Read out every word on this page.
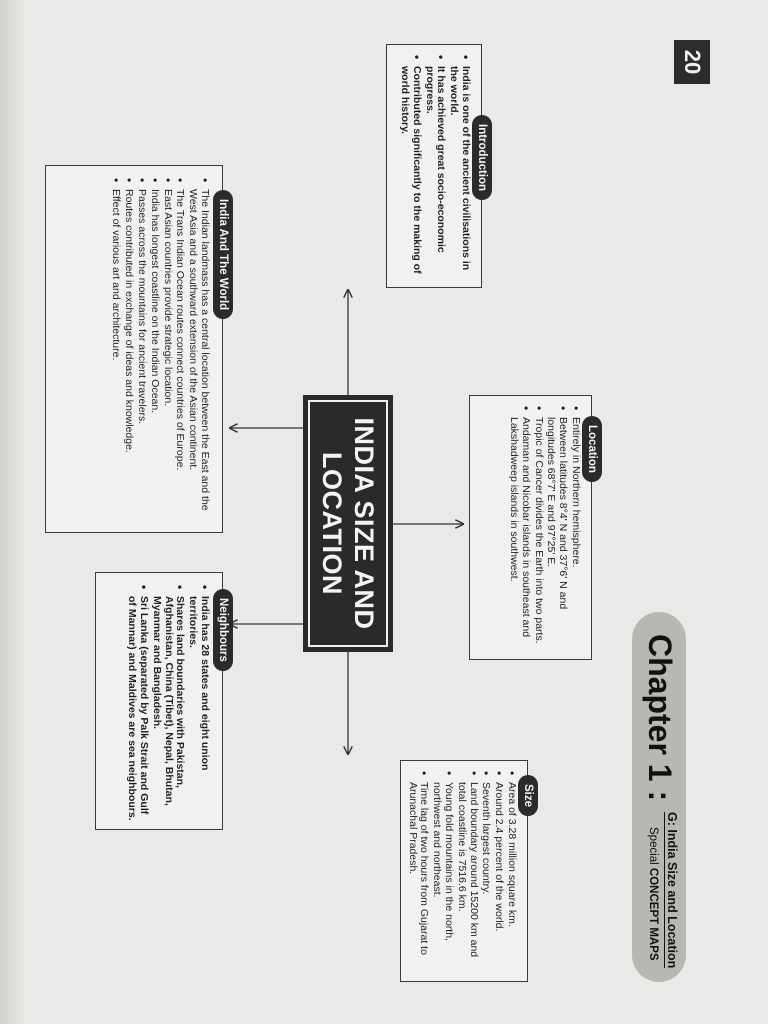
20
Chapter 1 :
G: India Size and Location
Special CONCEPT MAPS
INDIA SIZE AND
LOCATION
Introduction
• India is one of the ancient civilisations in the world.
• It has achieved great socio-economic progress.
• Contributed significantly to the making of world history.
Location
• Entirely in Northern hemisphere.
• Between latitudes 8°4' N and 37°6' N and longitudes 68°7' E and 97°25' E.
• Tropic of Cancer divides the Earth into two parts.
• Andaman and Nicobar islands in southeast and Lakshadweep islands in southwest.
Size
• Area of 3.28 million square km.
• Around 2.4 percent of the world.
• Seventh largest country.
• Land boundary around 15200 km and total coastline is 7516.6 km.
• Young fold mountains in the north, northwest and northeast.
• Time lag of two hours from Gujarat to Arunachal Pradesh.
India And The World
• The Indian landmass has a central location between the East and the West Asia and a southward extension of the Asian continent.
• The Trans Indian Ocean routes connect countries of Europe.
• East Asian countries provide strategic location.
• India has longest coastline on the Indian Ocean.
• Passes across the mountains for ancient travelers.
• Routes contributed in exchange of ideas and knowledge.
• Effect of various art and architecture.
Neighbours
• India has 28 states and eight union territories.
• Shares land boundaries with Pakistan, Afghanistan, China (Tibet), Nepal, Bhutan, Myanmar and Bangladesh.
• Sri Lanka (separated by Palk Strait and Gulf of Mannar) and Maldives are sea neighbours.
